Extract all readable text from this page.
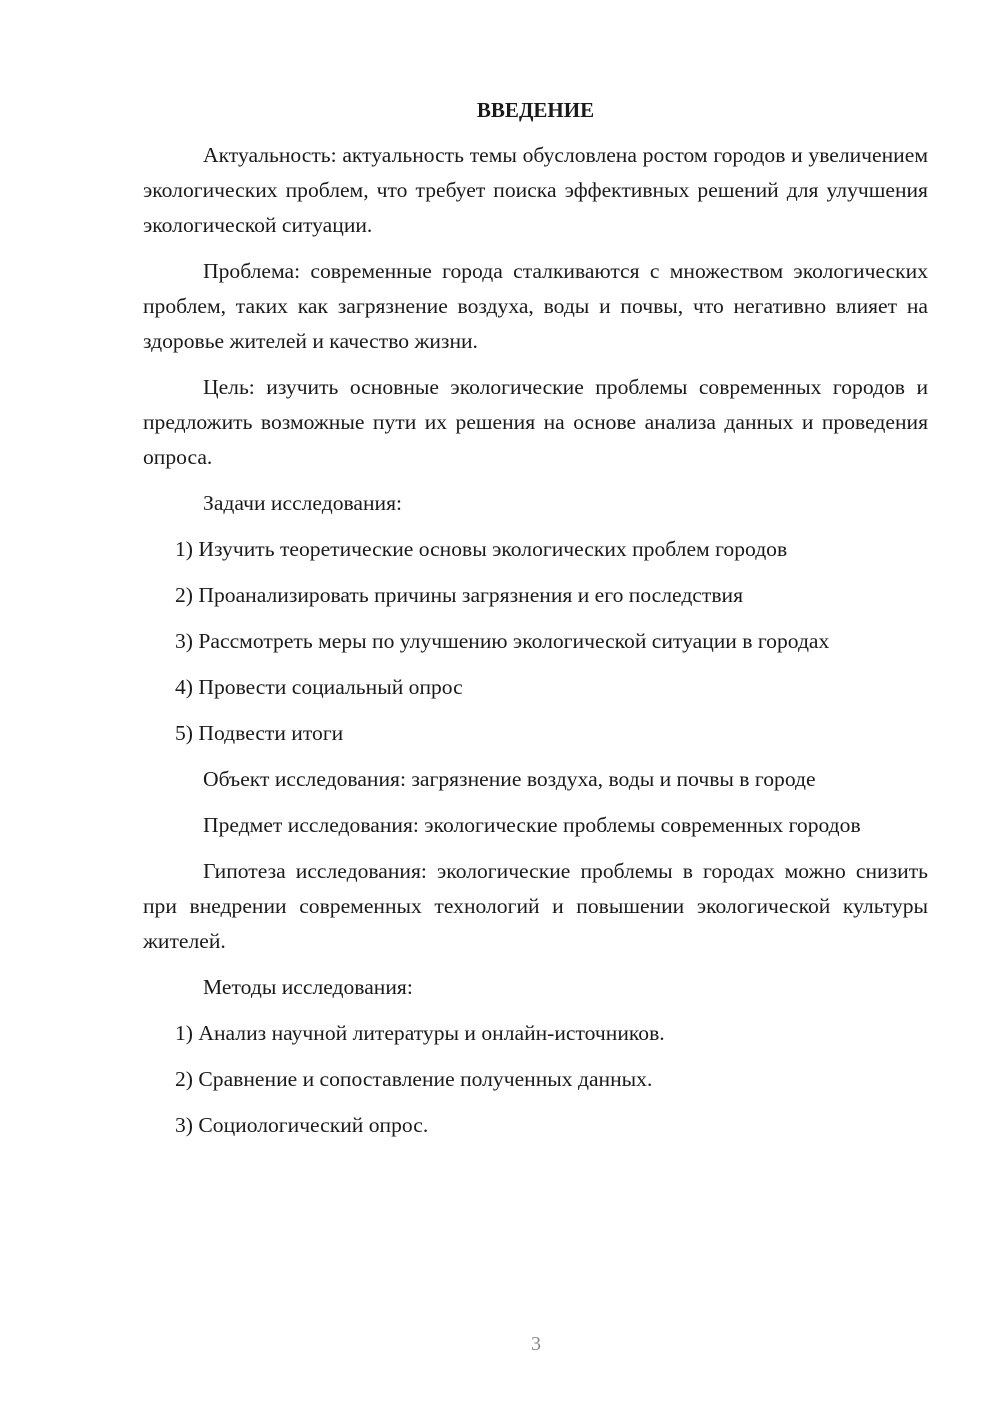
ВВЕДЕНИЕ

Актуальность: актуальность темы обусловлена ростом городов и увеличением экологических проблем, что требует поиска эффективных решений для улучшения экологической ситуации.

Проблема: современные города сталкиваются с множеством экологических проблем, таких как загрязнение воздуха, воды и почвы, что негативно влияет на здоровье жителей и качество жизни.

Цель: изучить основные экологические проблемы современных городов и предложить возможные пути их решения на основе анализа данных и проведения опроса.

Задачи исследования:

1) Изучить теоретические основы экологических проблем городов

2) Проанализировать причины загрязнения и его последствия

3) Рассмотреть меры по улучшению экологической ситуации в городах

4) Провести социальный опрос

5) Подвести итоги

Объект исследования: загрязнение воздуха, воды и почвы в городе

Предмет исследования: экологические проблемы современных городов

Гипотеза исследования: экологические проблемы в городах можно снизить при внедрении современных технологий и повышении экологической культуры жителей.

Методы исследования:

1) Анализ научной литературы и онлайн-источников.

2) Сравнение и сопоставление полученных данных.

3) Социологический опрос.

3
